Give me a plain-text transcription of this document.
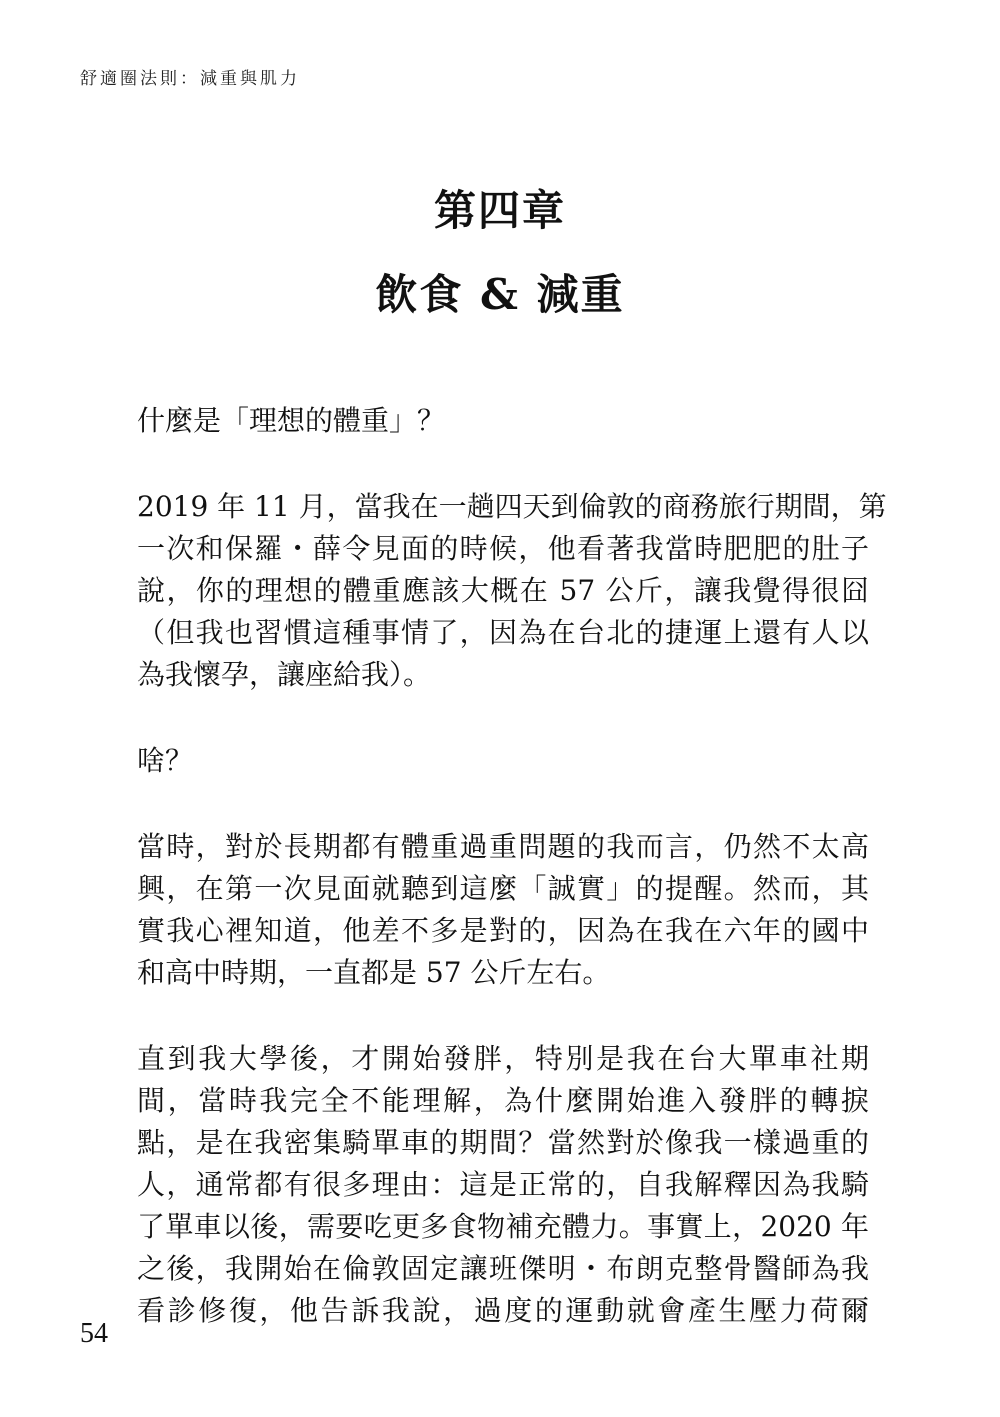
舒適圈法則：減重與肌力
第四章
飲食 & 減重

什麼是「理想的體重」？

2019 年 11 月，當我在一趟四天到倫敦的商務旅行期間，第
一次和保羅・薛令見面的時候，他看著我當時肥肥的肚子
說，你的理想的體重應該大概在 57 公斤，讓我覺得很囧
（但我也習慣這種事情了，因為在台北的捷運上還有人以
為我懷孕，讓座給我）。

啥？

當時，對於長期都有體重過重問題的我而言，仍然不太高
興，在第一次見面就聽到這麼「誠實」的提醒。然而，其
實我心裡知道，他差不多是對的，因為在我在六年的國中
和高中時期，一直都是 57 公斤左右。

直到我大學後，才開始發胖，特別是我在台大單車社期
間，當時我完全不能理解，為什麼開始進入發胖的轉捩
點，是在我密集騎單車的期間？當然對於像我一樣過重的
人，通常都有很多理由：這是正常的，自我解釋因為我騎
了單車以後，需要吃更多食物補充體力。事實上，2020 年
之後，我開始在倫敦固定讓班傑明・布朗克整骨醫師為我
看診修復，他告訴我說，過度的運動就會產生壓力荷爾

54
